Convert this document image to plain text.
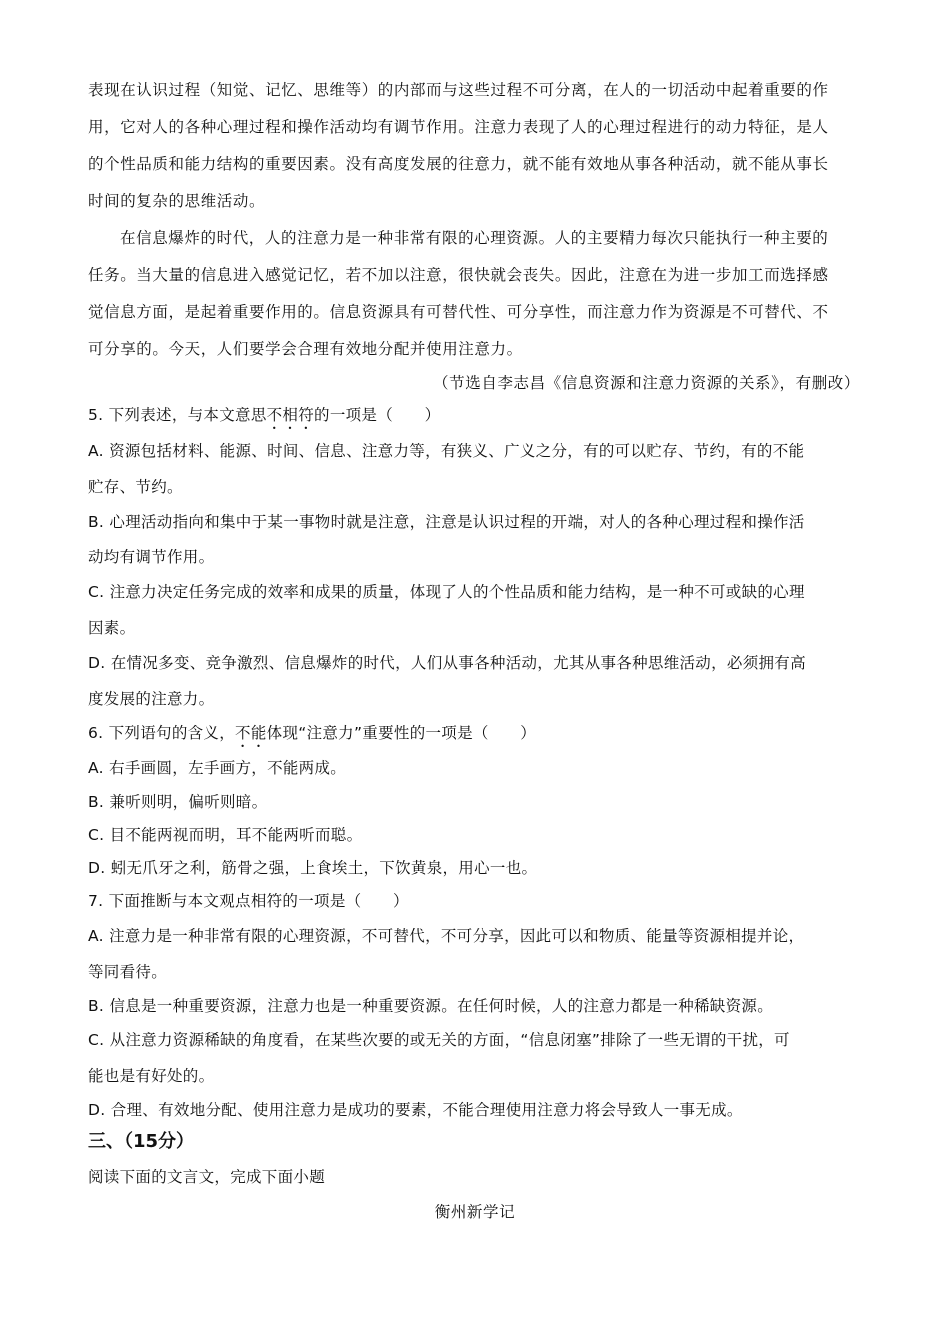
表现在认识过程（知觉、记忆、思维等）的内部而与这些过程不可分离，在人的一切活动中起着重要的作
用，它对人的各种心理过程和操作活动均有调节作用。注意力表现了人的心理过程进行的动力特征，是人
的个性品质和能力结构的重要因素。没有高度发展的往意力，就不能有效地从事各种活动，就不能从事长
时间的复杂的思维活动。
在信息爆炸的时代，人的注意力是一种非常有限的心理资源。人的主要精力每次只能执行一种主要的
任务。当大量的信息进入感觉记忆，若不加以注意，很快就会丧失。因此，注意在为进一步加工而选择感
觉信息方面，是起着重要作用的。信息资源具有可替代性、可分享性，而注意力作为资源是不可替代、不
可分享的。今天，人们要学会合理有效地分配并使用注意力。
（节选自李志昌《信息资源和注意力资源的关系》，有删改）
5. 下列表述，与本文意思不相符的一项是（　　）
A. 资源包括材料、能源、时间、信息、注意力等，有狭义、广义之分，有的可以贮存、节约，有的不能
贮存、节约。
B. 心理活动指向和集中于某一事物时就是注意，注意是认识过程的开端，对人的各种心理过程和操作活
动均有调节作用。
C. 注意力决定任务完成的效率和成果的质量，体现了人的个性品质和能力结构，是一种不可或缺的心理
因素。
D. 在情况多变、竞争激烈、信息爆炸的时代，人们从事各种活动，尤其从事各种思维活动，必须拥有高
度发展的注意力。
6. 下列语句的含义，不能体现“注意力”重要性的一项是（　　）
A. 右手画圆，左手画方，不能两成。
B. 兼听则明，偏听则暗。
C. 目不能两视而明，耳不能两听而聪。
D. 蚓无爪牙之利，筋骨之强，上食埃土，下饮黄泉，用心一也。
7. 下面推断与本文观点相符的一项是（　　）
A. 注意力是一种非常有限的心理资源，不可替代，不可分享，因此可以和物质、能量等资源相提并论，
等同看待。
B. 信息是一种重要资源，注意力也是一种重要资源。在任何时候，人的注意力都是一种稀缺资源。
C. 从注意力资源稀缺的角度看，在某些次要的或无关的方面，“信息闭塞”排除了一些无谓的干扰，可
能也是有好处的。
D. 合理、有效地分配、使用注意力是成功的要素，不能合理使用注意力将会导致人一事无成。
三、（15分）
阅读下面的文言文，完成下面小题
衡州新学记
